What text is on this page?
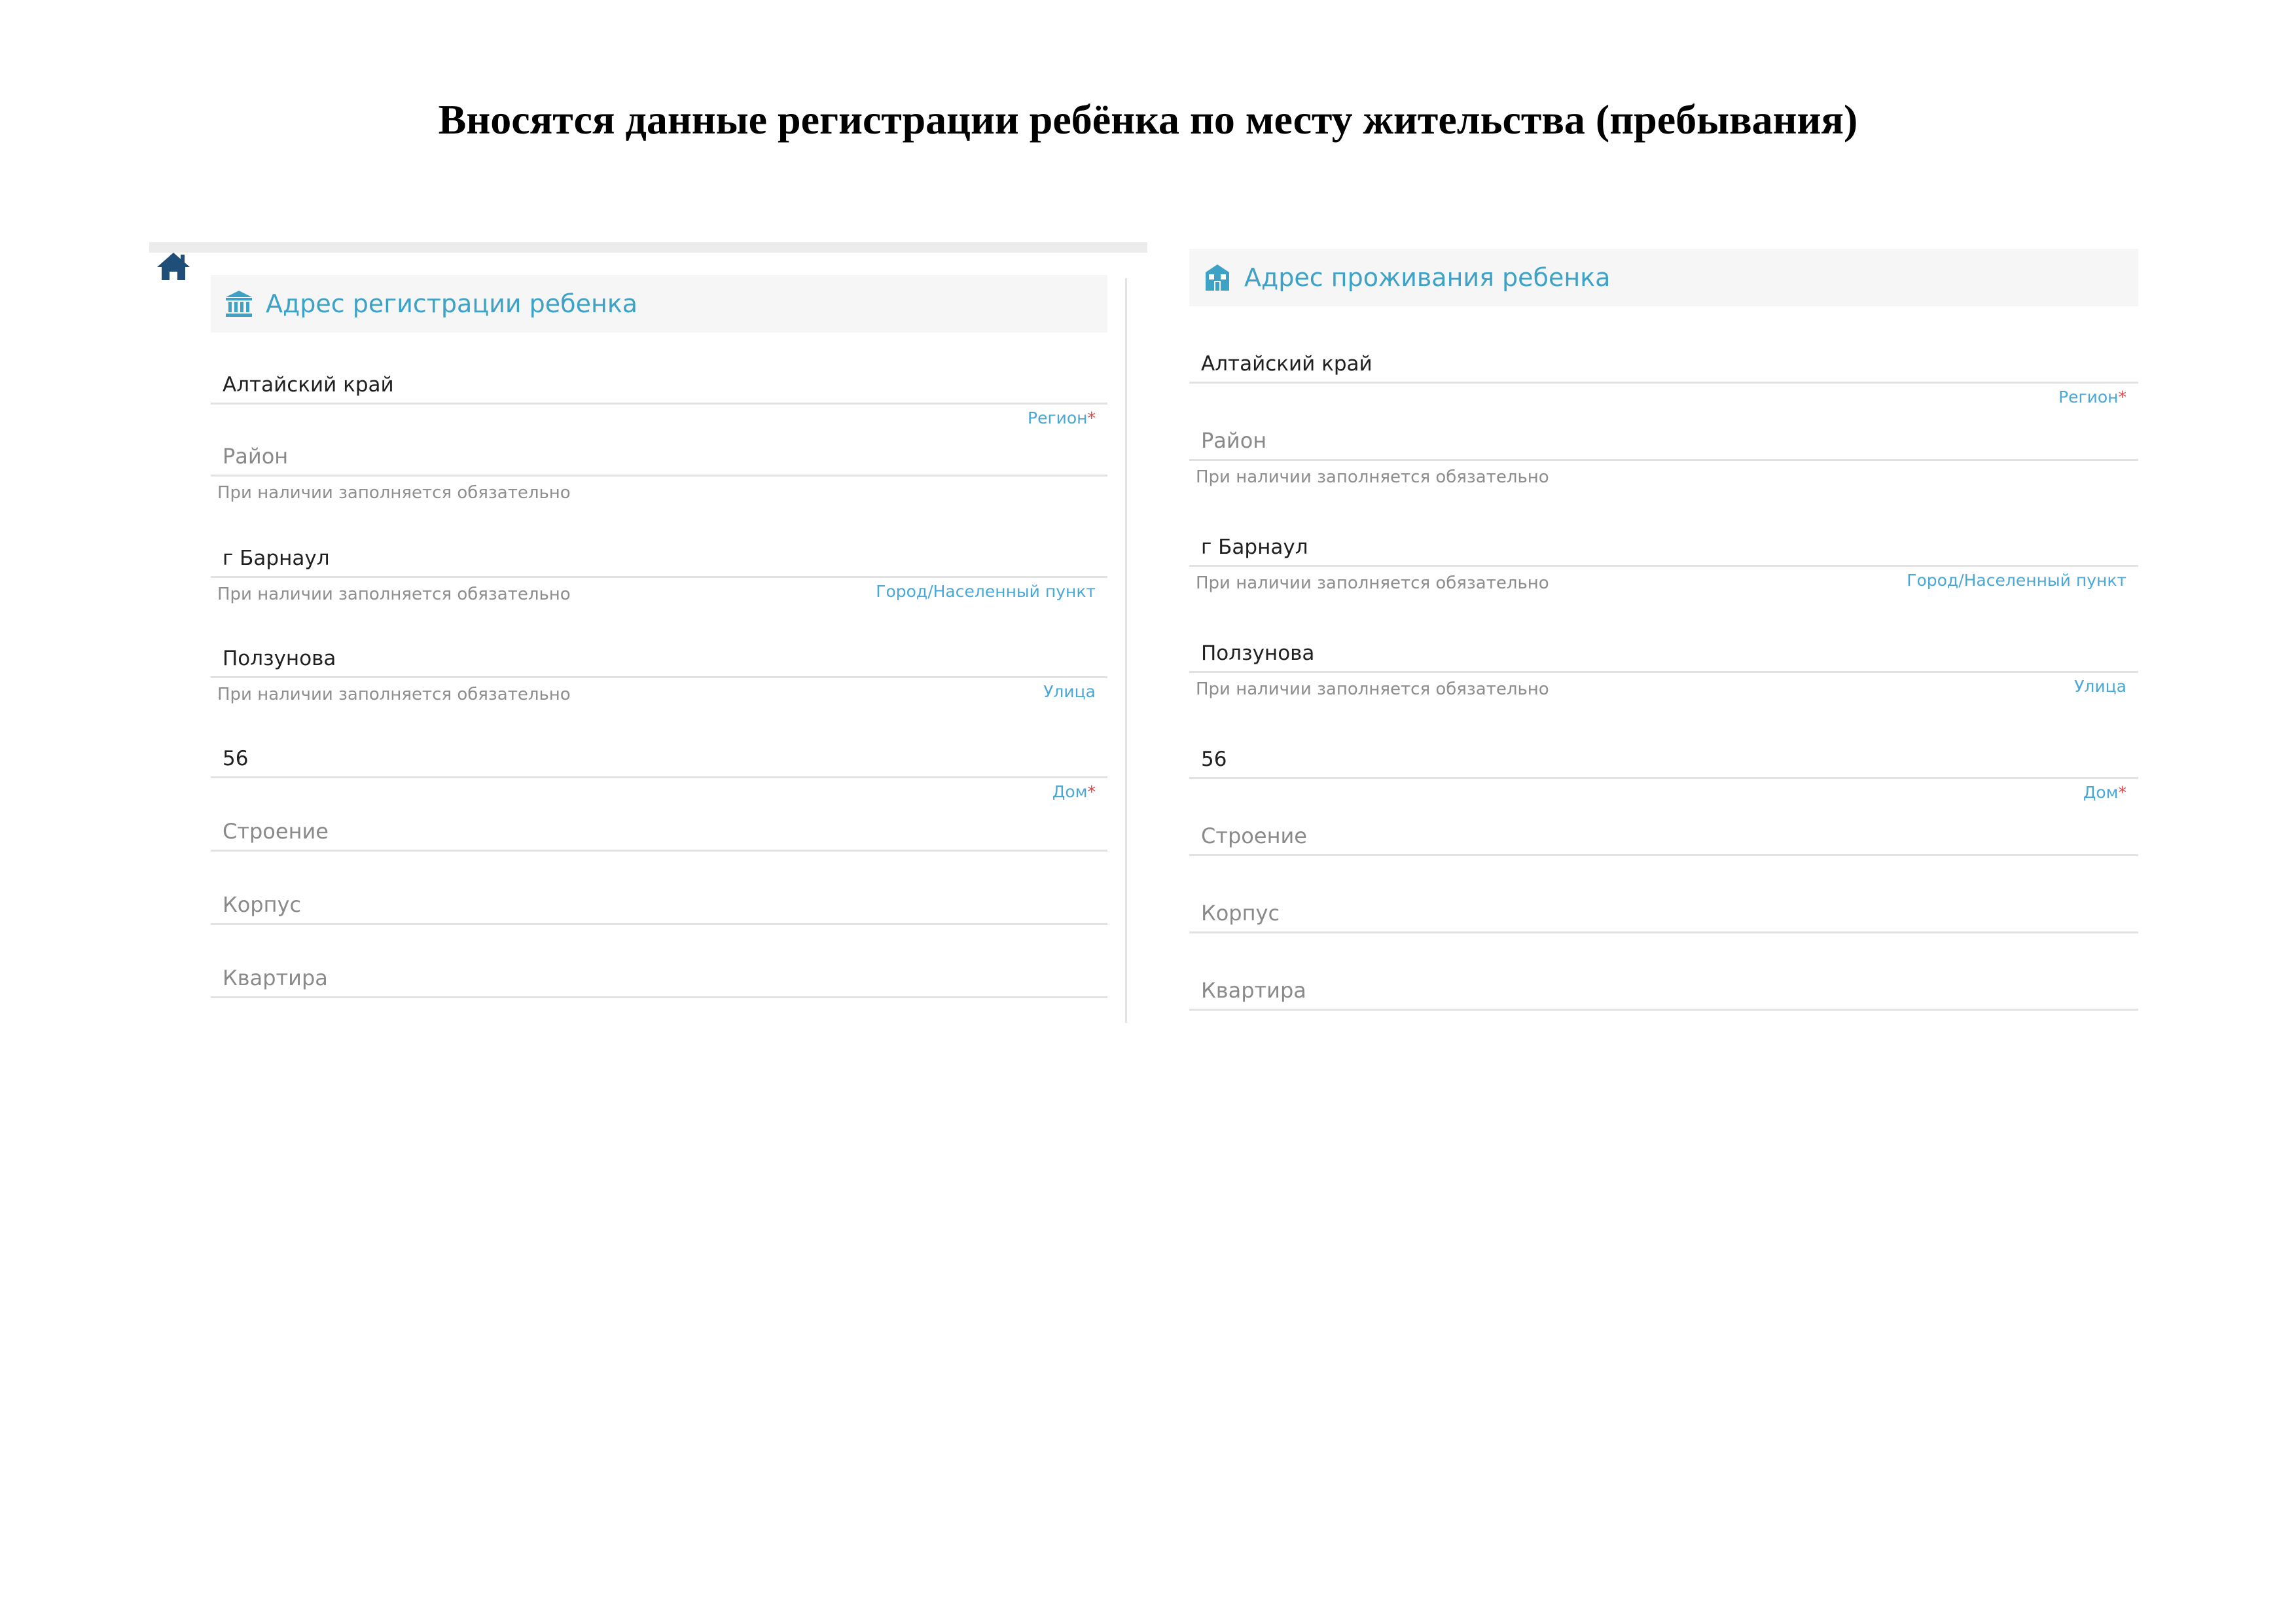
Вносятся данные регистрации ребёнка по месту жительства (пребывания)
Адрес регистрации ребенка
Алтайский край
Регион*
Район
При наличии заполняется обязательно
г Барнаул
При наличии заполняется обязательно	Город/Населенный пункт
Ползунова
При наличии заполняется обязательно	Улица
56
Дом*
Строение
Корпус
Квартира
Адрес проживания ребенка
Алтайский край
Регион*
Район
При наличии заполняется обязательно
г Барнаул
При наличии заполняется обязательно	Город/Населенный пункт
Ползунова
При наличии заполняется обязательно	Улица
56
Дом*
Строение
Корпус
Квартира
